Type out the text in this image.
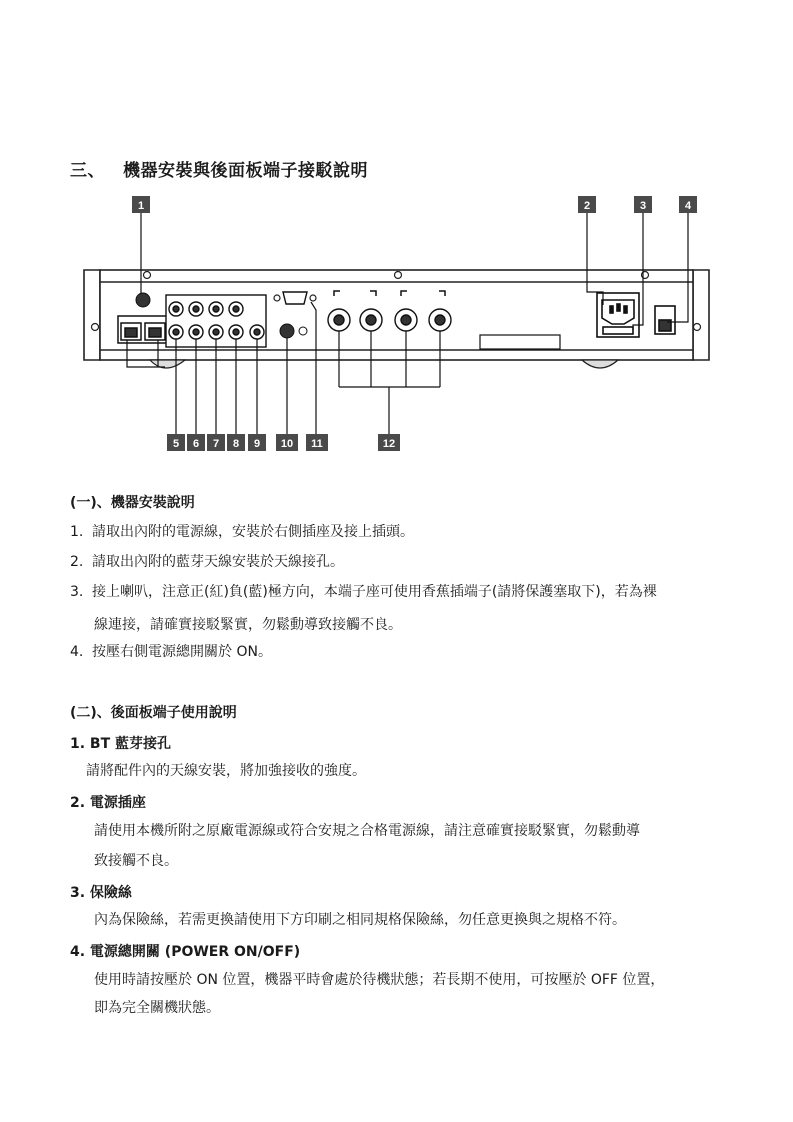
三、 機器安裝與後面板端子接駁說明
1	2	3	4
5 6 7 8 9 10 11	12
(一)、機器安裝說明
1. 請取出內附的電源線，安裝於右側插座及接上插頭。
2. 請取出內附的藍芽天線安裝於天線接孔。
3. 接上喇叭，注意正(紅)負(藍)極方向，本端子座可使用香蕉插端子(請將保護塞取下)，若為裸
線連接，請確實接駁緊實，勿鬆動導致接觸不良。
4. 按壓右側電源總開關於 ON。
(二)、後面板端子使用說明
1. BT 藍芽接孔
請將配件內的天線安裝，將加強接收的強度。
2. 電源插座
請使用本機所附之原廠電源線或符合安規之合格電源線，請注意確實接駁緊實，勿鬆動導
致接觸不良。
3. 保險絲
內為保險絲，若需更換請使用下方印刷之相同規格保險絲，勿任意更換與之規格不符。
4. 電源總開關 (POWER ON/OFF)
使用時請按壓於 ON 位置，機器平時會處於待機狀態；若長期不使用，可按壓於 OFF 位置，
即為完全關機狀態。
